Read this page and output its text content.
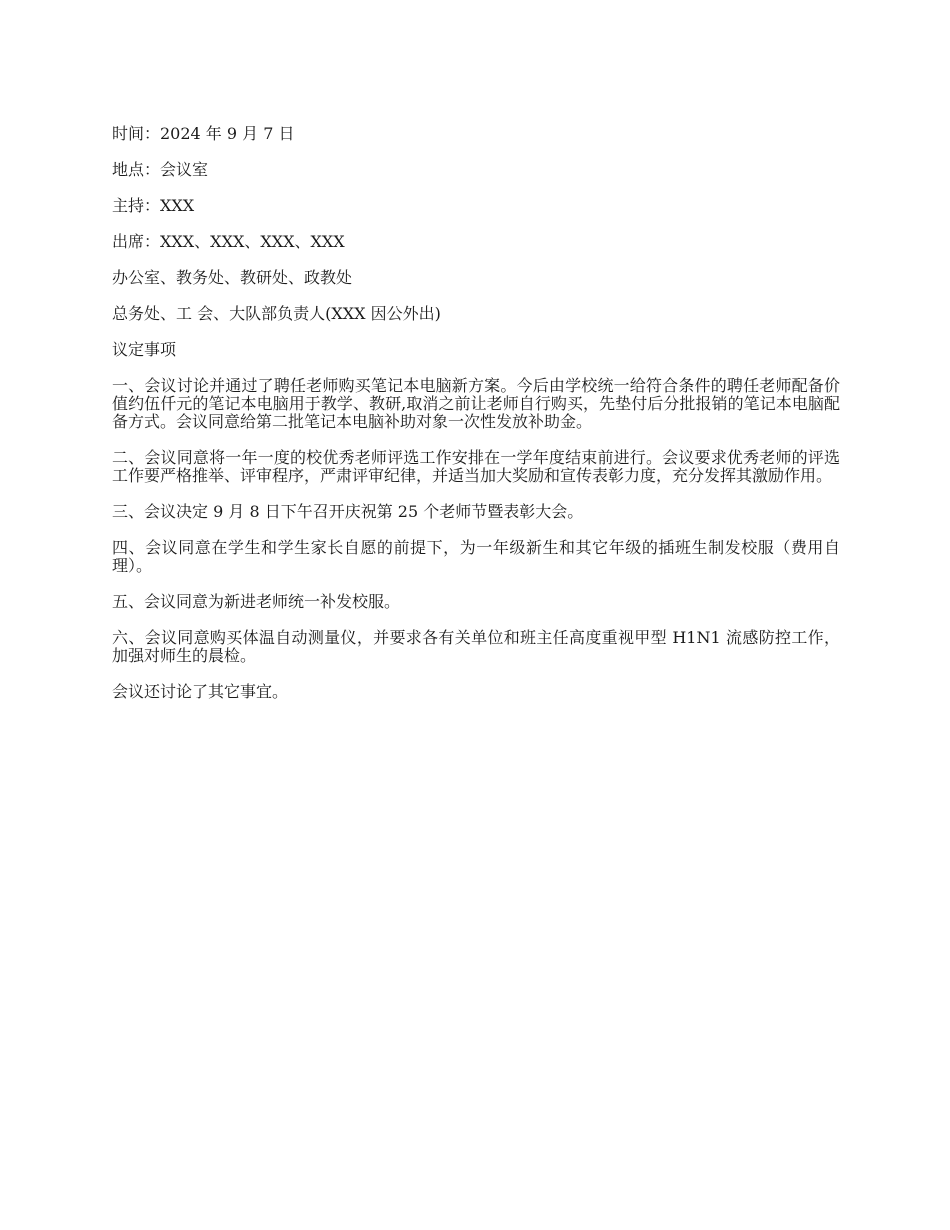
时间：2024 年 9 月 7 日

地点：会议室

主持：XXX

出席：XXX、XXX、XXX、XXX

办公室、教务处、教研处、政教处

总务处、工 会、大队部负责人(XXX 因公外出)

议定事项

一、会议讨论并通过了聘任老师购买笔记本电脑新方案。今后由学校统一给符合条件的聘任老师配备价值约伍仟元的笔记本电脑用于教学、教研,取消之前让老师自行购买，先垫付后分批报销的笔记本电脑配备方式。会议同意给第二批笔记本电脑补助对象一次性发放补助金。

二、会议同意将一年一度的校优秀老师评选工作安排在一学年度结束前进行。会议要求优秀老师的评选工作要严格推举、评审程序，严肃评审纪律，并适当加大奖励和宣传表彰力度，充分发挥其激励作用。

三、会议决定 9 月 8 日下午召开庆祝第 25 个老师节暨表彰大会。

四、会议同意在学生和学生家长自愿的前提下，为一年级新生和其它年级的插班生制发校服（费用自理）。

五、会议同意为新进老师统一补发校服。

六、会议同意购买体温自动测量仪，并要求各有关单位和班主任高度重视甲型 H1N1 流感防控工作，加强对师生的晨检。

会议还讨论了其它事宜。
